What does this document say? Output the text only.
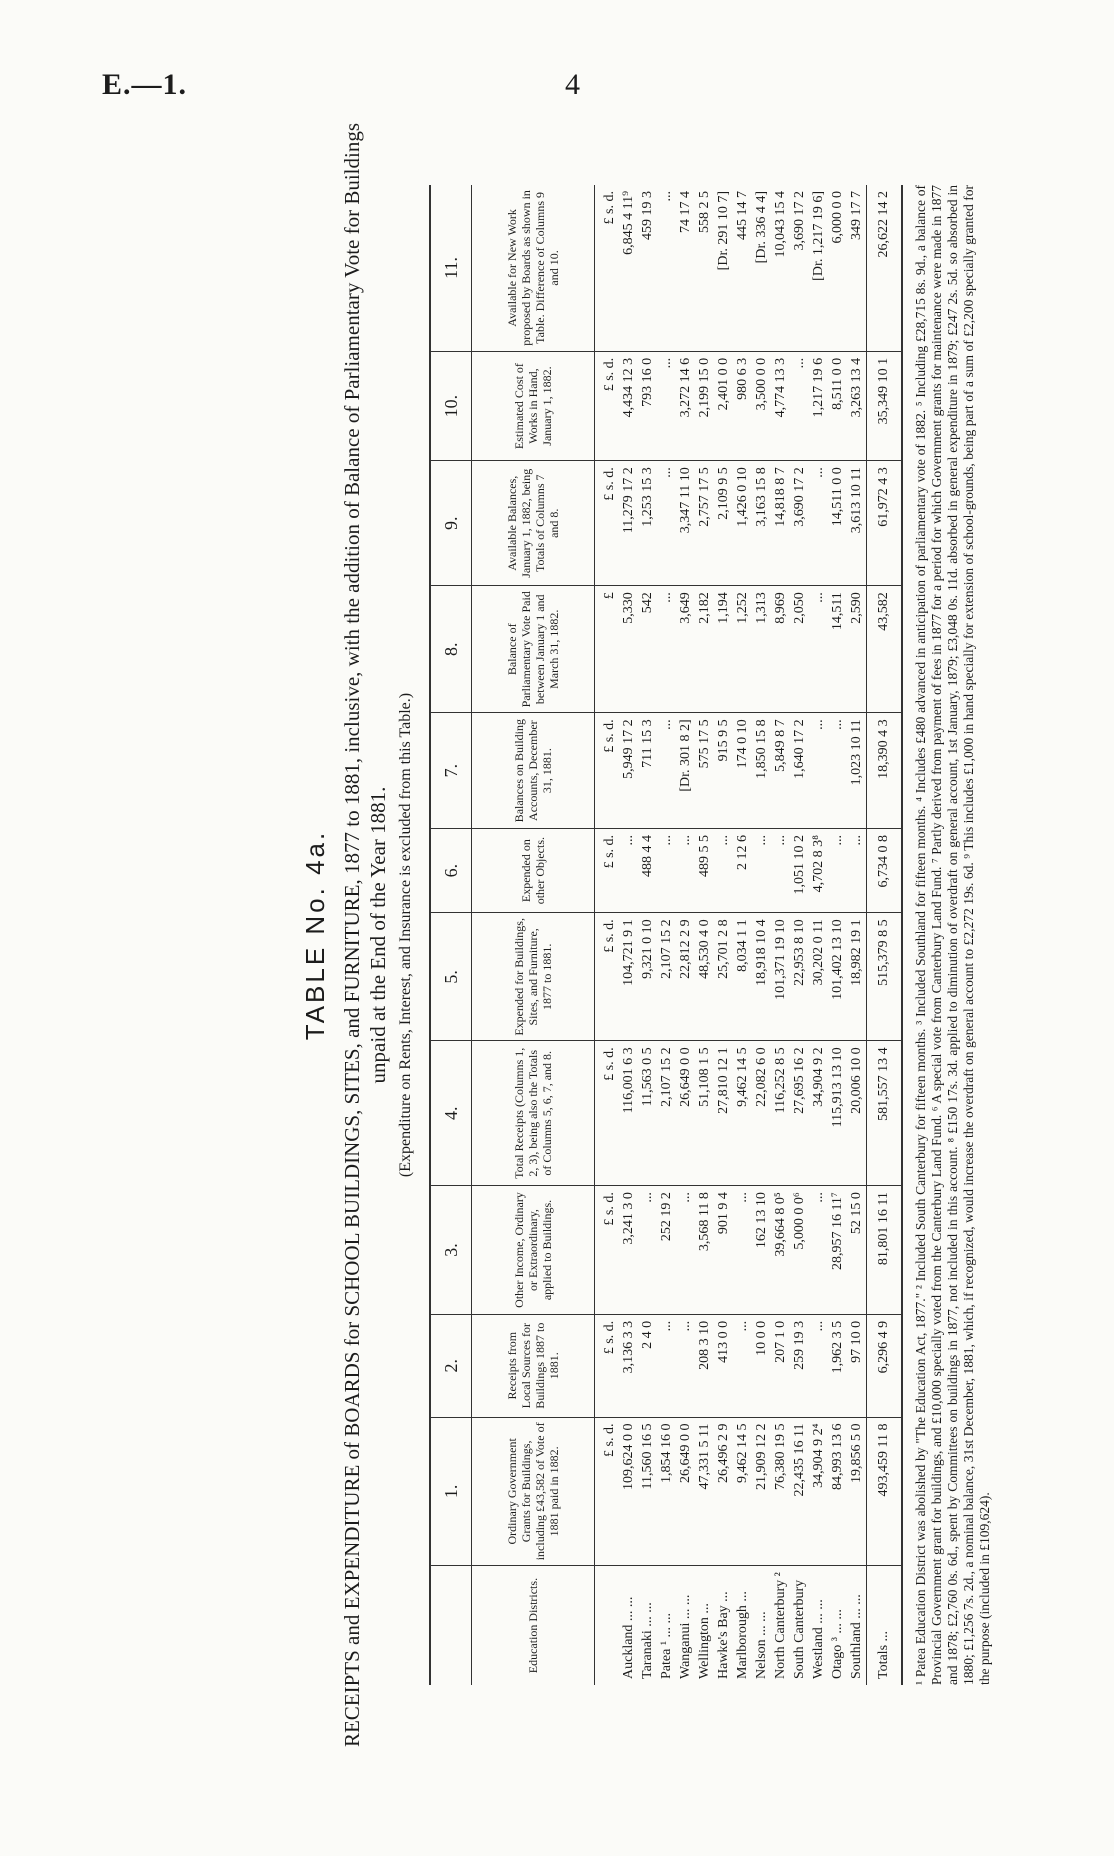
E.—1.	4
TABLE No. 4a. RECEIPTS and EXPENDITURE of BOARDS for SCHOOL BUILDINGS, SITES, and FURNITURE, 1877 to 1881, inclusive, with the addition of Balance of Parliamentary Vote for Buildings unpaid at the End of the Year 1881. (Expenditure on Rents, Interest, and Insurance is excluded from this Table.)
	1.	2.	3.	4.	5.	6.	7.	8.	9.	10.	11.
Education Districts.	Ordinary Government Grants for Buildings, including £43,582 of Vote of 1881 paid in 1882.	Receipts from Local Sources for Buildings 1887 to 1881.	Other Income, Ordinary or Extraordinary, applied to Buildings.	Total Receipts (Columns 1, 2, 3), being also the Totals of Columns 5, 6, 7, and 8.	Expended for Buildings, Sites, and Furniture, 1877 to 1881.	Expended on other Objects.	Balances on Building Accounts, December 31, 1881.	Balance of Parliamentary Vote Paid between January 1 and March 31, 1882.	Available Balances, January 1, 1882, being Totals of Columns 7 and 8.	Estimated Cost of Works in Hand, January 1, 1882.	Available for New Work proposed by Boards as shown in Table. Difference of Columns 9 and 10.
	£ s. d.	£ s. d.	£ s. d.	£ s. d.	£ s. d.	£ s. d.	£ s. d.	£	£ s. d.	£ s. d.	£ s. d.
Auckland ... ...	109,624 0 0	3,136 3 3	3,241 3 0	116,001 6 3	104,721 9 1	...	5,949 17 2	5,330	11,279 17 2	4,434 12 3	6,845 4 11⁹
Taranaki ... ...	11,560 16 5	2 4 0	...	11,563 0 5	9,321 0 10	488 4 4	711 15 3	542	1,253 15 3	793 16 0	459 19 3
Patea ¹ ... ...	1,854 16 0	...	252 19 2	2,107 15 2	2,107 15 2	...	...	...	...	...	...
Wanganui ... ...	26,649 0 0	...	...	26,649 0 0	22,812 2 9	...	[Dr. 301 8 2]	3,649	3,347 11 10	3,272 14 6	74 17 4
Wellington ...	47,331 5 11	208 3 10	3,568 11 8	51,108 1 5	48,530 4 0	489 5 5	575 17 5	2,182	2,757 17 5	2,199 15 0	558 2 5
Hawke's Bay ...	26,496 2 9	413 0 0	901 9 4	27,810 12 1	25,701 2 8	...	915 9 5	1,194	2,109 9 5	2,401 0 0	[Dr. 291 10 7]
Marlborough ...	9,462 14 5	...	...	9,462 14 5	8,034 1 1	2 12 6	174 0 10	1,252	1,426 0 10	980 6 3	445 14 7
Nelson ... ...	21,909 12 2	10 0 0	162 13 10	22,082 6 0	18,918 10 4	...	1,850 15 8	1,313	3,163 15 8	3,500 0 0	[Dr. 336 4 4]
North Canterbury ²	76,380 19 5	207 1 0	39,664 8 0⁵	116,252 8 5	101,371 19 10	...	5,849 8 7	8,969	14,818 8 7	4,774 13 3	10,043 15 4
South Canterbury	22,435 16 11	259 19 3	5,000 0 0⁶	27,695 16 2	22,953 8 10	1,051 10 2	1,640 17 2	2,050	3,690 17 2	...	3,690 17 2
Westland ... ...	34,904 9 2⁴	...	...	34,904 9 2	30,202 0 11	4,702 8 3⁸	...	...	...	1,217 19 6	[Dr. 1,217 19 6]
Otago ³ ... ...	84,993 13 6	1,962 3 5	28,957 16 11⁷	115,913 13 10	101,402 13 10	...	...	14,511	14,511 0 0	8,511 0 0	6,000 0 0
Southland ... ...	19,856 5 0	97 10 0	52 15 0	20,006 10 0	18,982 19 1	...	1,023 10 11	2,590	3,613 10 11	3,263 13 4	349 17 7
Totals ...	493,459 11 8	6,296 4 9	81,801 16 11	581,557 13 4	515,379 8 5	6,734 0 8	18,390 4 3	43,582	61,972 4 3	35,349 10 1	26,622 14 2 ¹ Patea Education District was abolished by "The Education Act, 1877." ² Included South Canterbury for fifteen months. ³ Included Southland for fifteen months. ⁴ Includes £480 advanced in anticipation of parliamentary vote of 1882. ⁵ Including £28,715 8s. 9d., a balance of Provincial Government grant for buildings, and £10,000 specially voted from the Canterbury Land Fund. ⁶ A special vote from Canterbury Land Fund. ⁷ Partly derived from payment of fees in 1877 for a period for which Government grants for maintenance were made in 1877 and 1878; £2,760 0s. 6d., spent by Committees on buildings in 1877, not included in this account. ⁸ £150 17s. 3d. applied to diminution of overdraft on general account, 1st January, 1879; £3,048 0s. 11d. absorbed in general expenditure in 1879; £247 2s. 5d. so absorbed in 1880; £1,256 7s. 2d., a nominal balance, 31st December, 1881, which, if recognized, would increase the overdraft on general account to £2,272 19s. 6d. ⁹ This includes £1,000 in hand specially for extension of school-grounds, being part of a sum of £2,200 specially granted for the purpose (included in £109,624).
